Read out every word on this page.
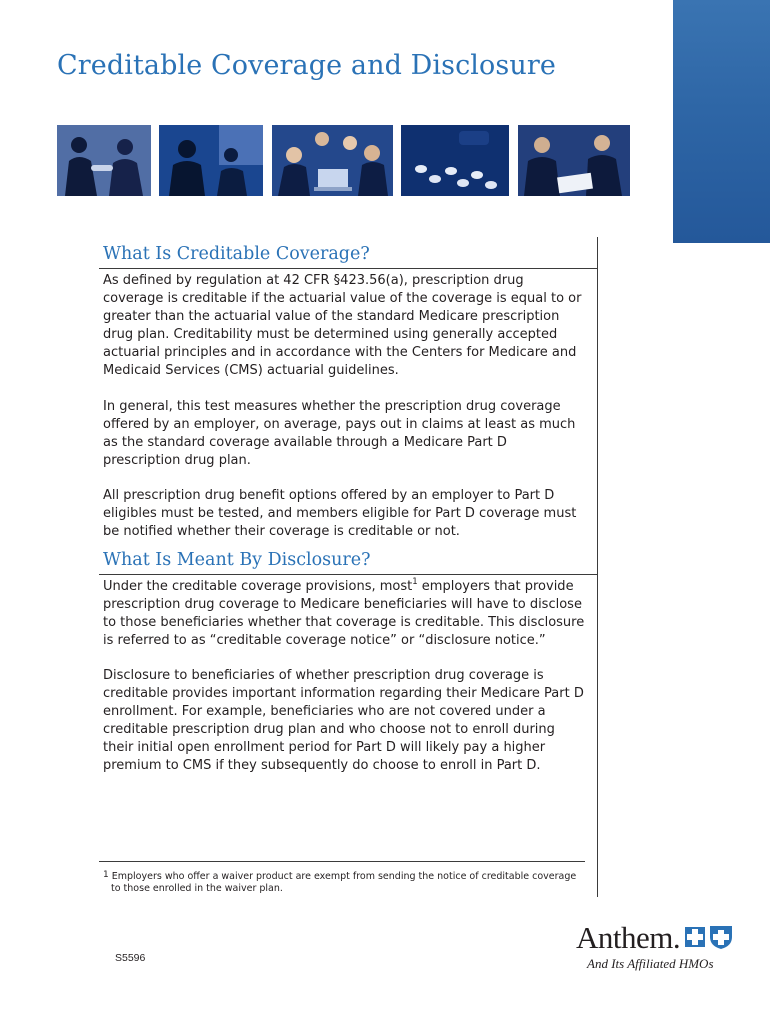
Creditable Coverage and Disclosure
What Is Creditable Coverage?

As defined by regulation at 42 CFR §423.56(a), prescription drug coverage is creditable if the actuarial value of the coverage is equal to or greater than the actuarial value of the standard Medicare prescription drug plan. Creditability must be determined using generally accepted actuarial principles and in accordance with the Centers for Medicare and Medicaid Services (CMS) actuarial guidelines.

In general, this test measures whether the prescription drug coverage offered by an employer, on average, pays out in claims at least as much as the standard coverage available through a Medicare Part D prescription drug plan.

All prescription drug benefit options offered by an employer to Part D eligibles must be tested, and members eligible for Part D coverage must be notified whether their coverage is creditable or not.

What Is Meant By Disclosure?

Under the creditable coverage provisions, most$^1$ employers that provide prescription drug coverage to Medicare beneficiaries will have to disclose to those beneficiaries whether that coverage is creditable. This disclosure is referred to as “creditable coverage notice” or “disclosure notice.”

Disclosure to beneficiaries of whether prescription drug coverage is creditable provides important information regarding their Medicare Part D enrollment. For example, beneficiaries who are not covered under a creditable prescription drug plan and who choose not to enroll during their initial open enrollment period for Part D will likely pay a higher premium to CMS if they subsequently do choose to enroll in Part D.

1 Employers who offer a waiver product are exempt from sending the notice of creditable coverage to those enrolled in the waiver plan.

S5596
Anthem.
And Its Affiliated HMOs
